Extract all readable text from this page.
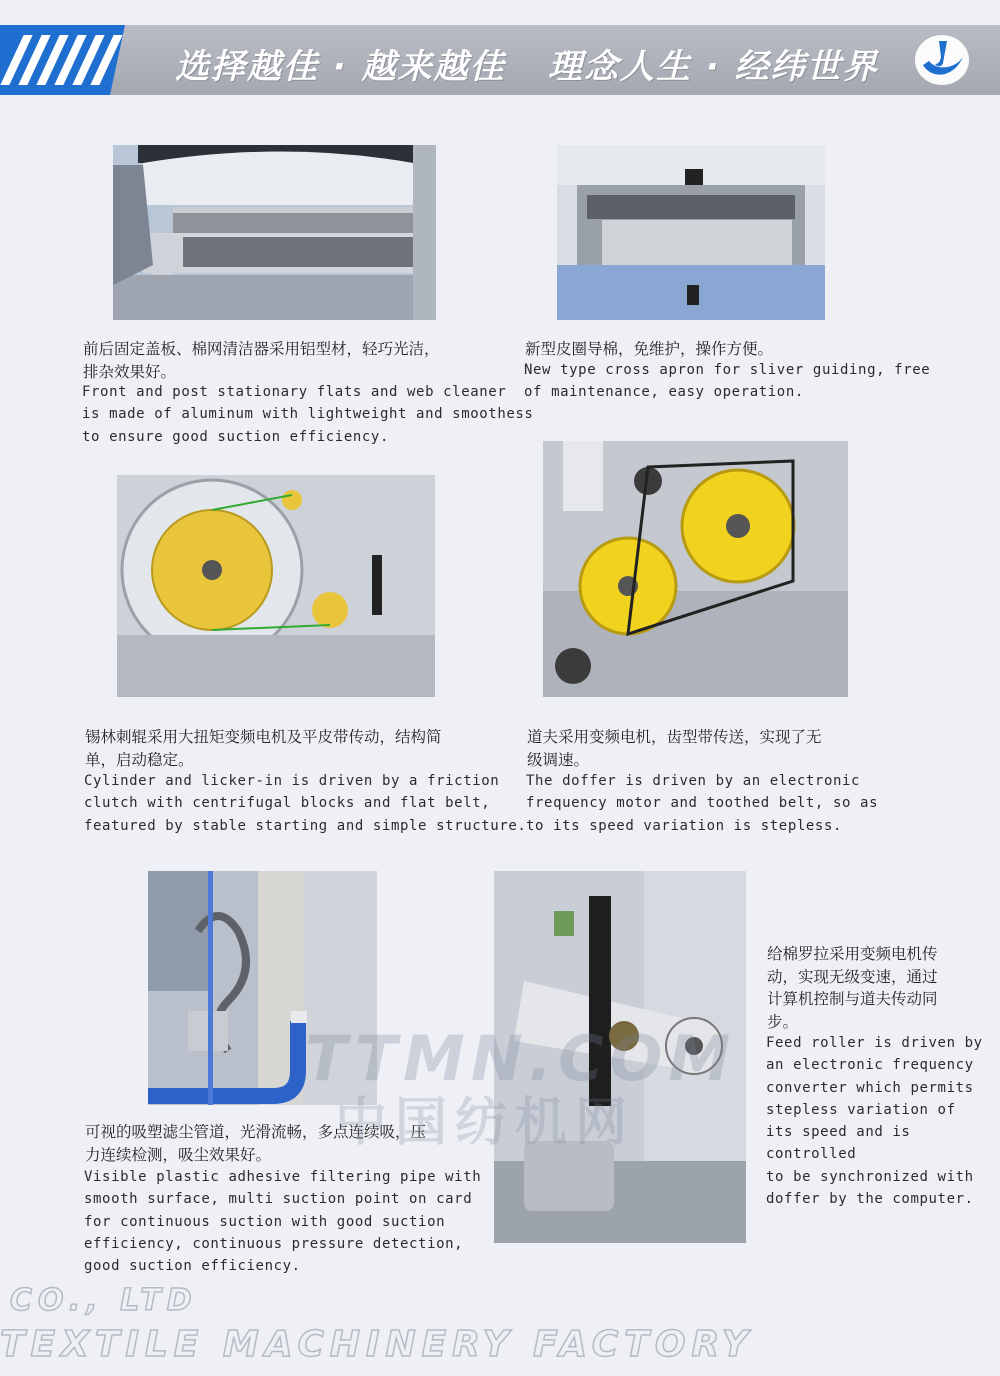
选择越佳 · 越来越佳 理念人生 · 经纬世界
前后固定盖板、棉网清洁器采用铝型材，轻巧光洁，
排杂效果好。
Front and post stationary flats and web cleaner
is made of aluminum with lightweight and smoothess
to ensure good suction efficiency.
新型皮圈导棉，免维护，操作方便。
New type cross apron for sliver guiding, free
of maintenance, easy operation.
锡林刺辊采用大扭矩变频电机及平皮带传动，结构简
单，启动稳定。
Cylinder and licker-in is driven by a friction
clutch with centrifugal blocks and flat belt,
featured by stable starting and simple structure.
道夫采用变频电机，齿型带传送，实现了无
级调速。
The doffer is driven by an electronic
frequency motor and toothed belt, so as
to its speed variation is stepless.
可视的吸塑滤尘管道，光滑流畅，多点连续吸，压
力连续检测，吸尘效果好。
Visible plastic adhesive filtering pipe with
smooth surface, multi suction point on card
for continuous suction with good suction
efficiency, continuous pressure detection,
good suction efficiency.
给棉罗拉采用变频电机传
动，实现无级变速，通过
计算机控制与道夫传动同
步。
Feed roller is driven by
an electronic frequency
converter which permits
stepless variation of
its speed and is controlled
to be synchronized with
doffer by the computer.
TTMN.COM
中国纺机网
CO., LTD
TEXTILE MACHINERY FACTORY
